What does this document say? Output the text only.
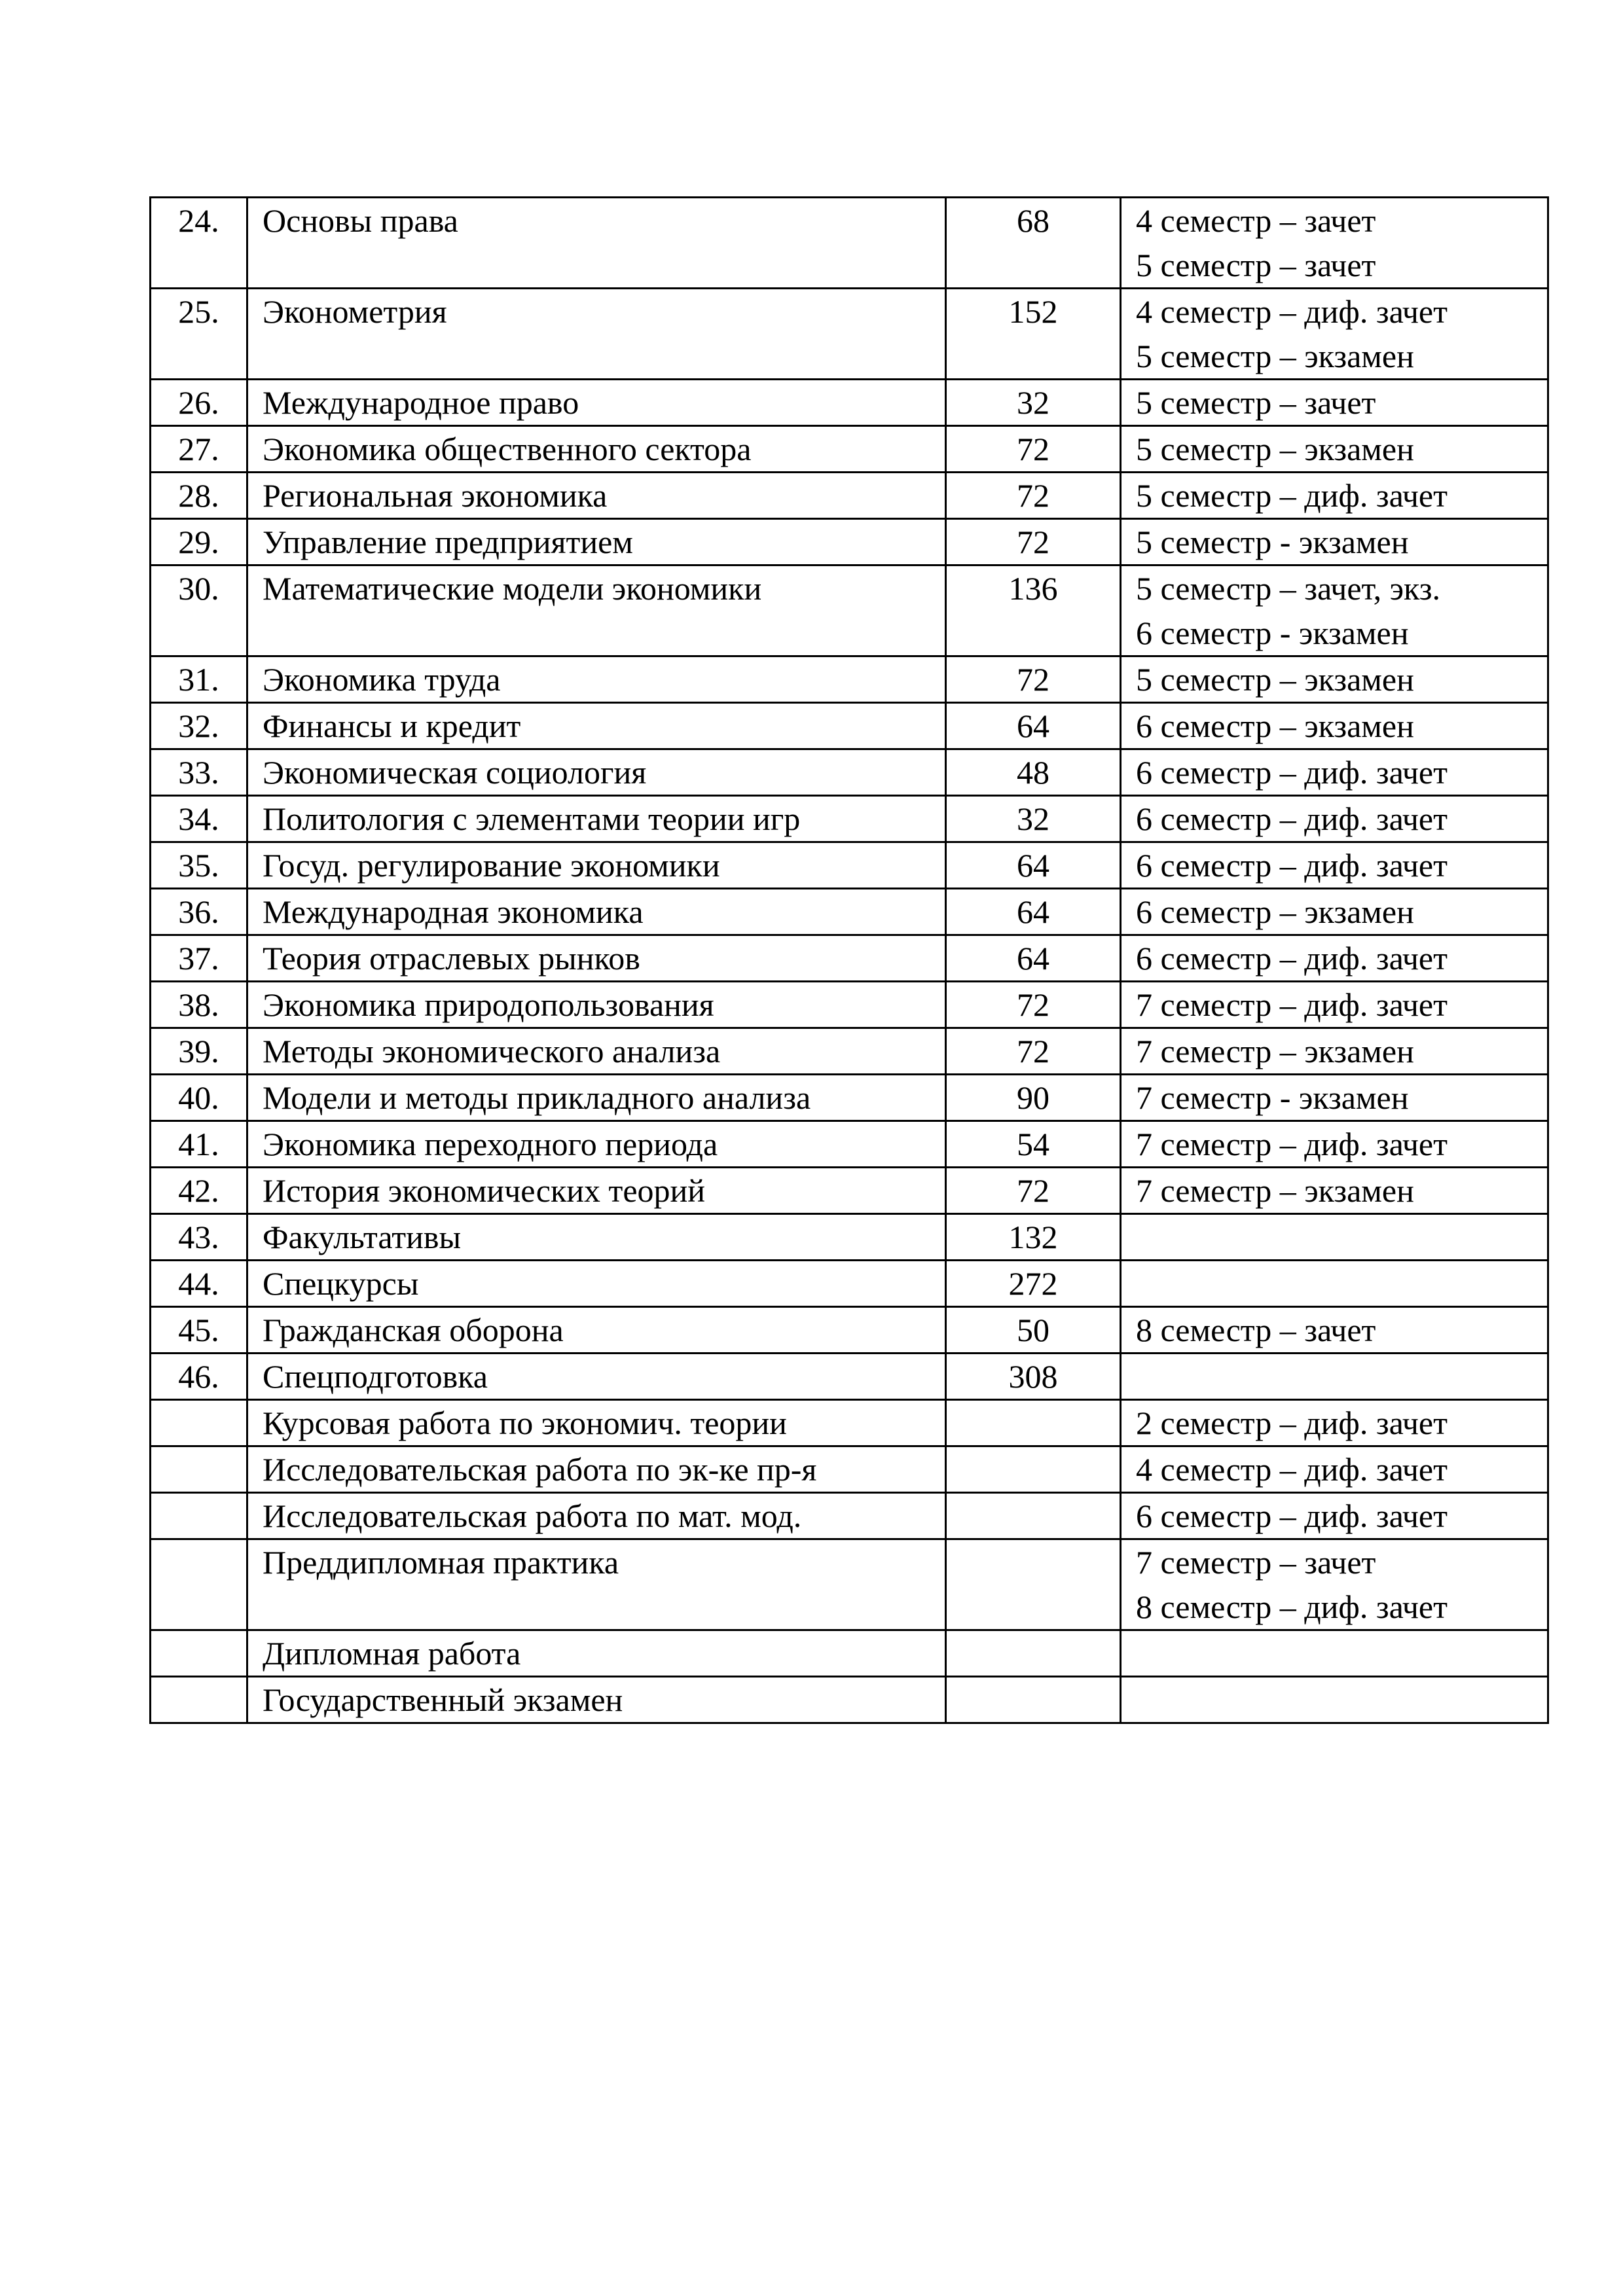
24.	Основы права	68	4 семестр – зачет
5 семестр – зачет

25.	Эконометрия	152	4 семестр – диф. зачет
5 семестр – экзамен

26.	Международное право	32	5 семестр – зачет

27.	Экономика общественного сектора	72	5 семестр – экзамен

28.	Региональная экономика	72	5 семестр – диф. зачет

29.	Управление предприятием	72	5 семестр - экзамен

30.	Математические модели экономики	136	5 семестр – зачет, экз.
6 семестр - экзамен

31.	Экономика труда	72	5 семестр – экзамен

32.	Финансы и кредит	64	6 семестр – экзамен

33.	Экономическая социология	48	6 семестр – диф. зачет

34.	Политология с элементами теории игр	32	6 семестр – диф. зачет

35.	Госуд. регулирование экономики	64	6 семестр – диф. зачет

36.	Международная экономика	64	6 семестр – экзамен

37.	Теория отраслевых рынков	64	6 семестр – диф. зачет

38.	Экономика природопользования	72	7 семестр – диф. зачет

39.	Методы экономического анализа	72	7 семестр – экзамен

40.	Модели и методы прикладного анализа	90	7 семестр - экзамен

41.	Экономика переходного периода	54	7 семестр – диф. зачет

42.	История экономических теорий	72	7 семестр – экзамен

43.	Факультативы	132	
44.	Спецкурсы	272	
45.	Гражданская оборона	50	8 семестр – зачет

46.	Спецподготовка	308	
	Курсовая работа по экономич. теории		2 семестр – диф. зачет

	Исследовательская работа по эк-ке пр-я		4 семестр – диф. зачет

	Исследовательская работа по мат. мод.		6 семестр – диф. зачет

	Преддипломная практика		7 семестр – зачет
8 семестр – диф. зачет

	Дипломная работа		
	Государственный экзамен		
